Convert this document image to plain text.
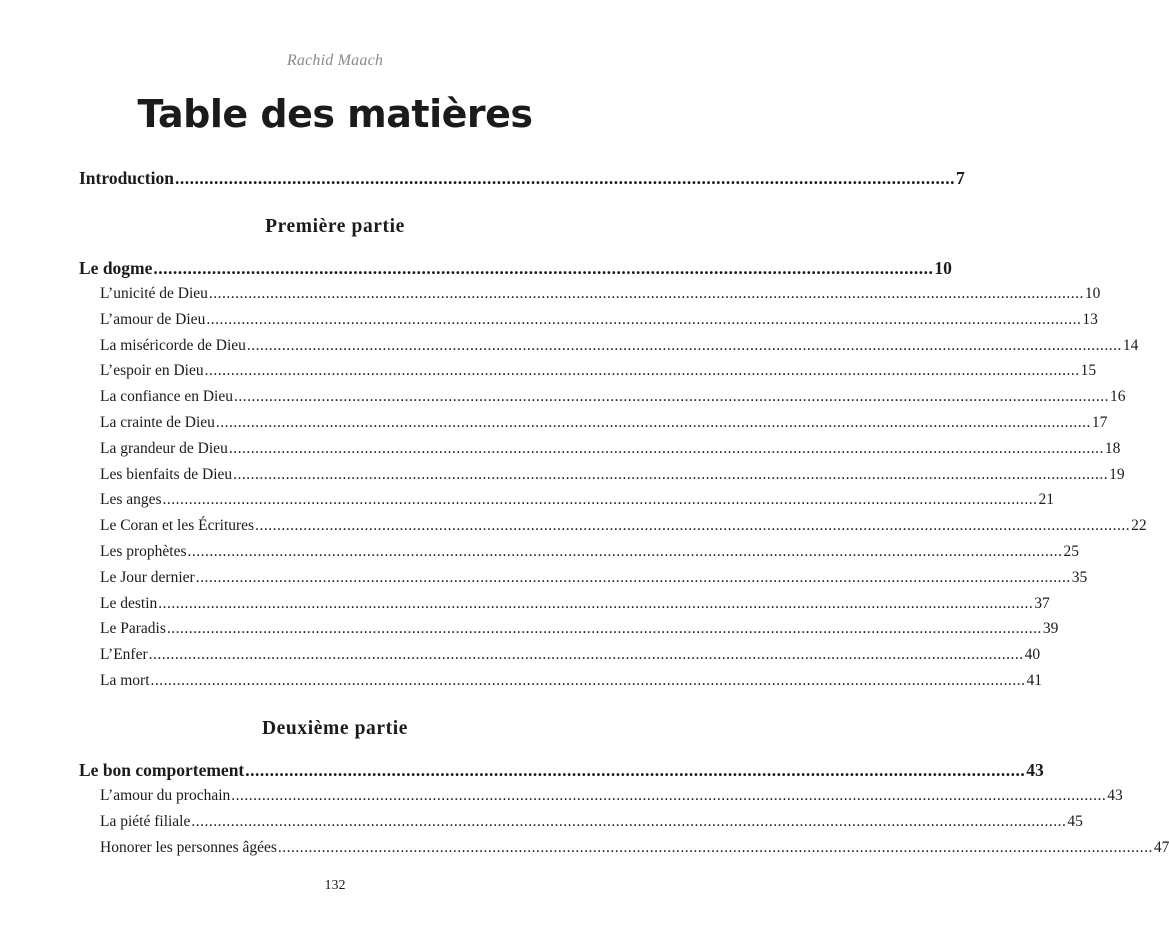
Rachid Maach
Table des matières
Introduction ................................................................................................................................................................ 7
Première partie
Le dogme ................................................................................................................................................................ 10
L’unicité de Dieu ........................................................................................................................................................................................................ 10
L’amour de Dieu ........................................................................................................................................................................................................ 13
La miséricorde de Dieu ........................................................................................................................................................................................................ 14
L’espoir en Dieu ........................................................................................................................................................................................................ 15
La confiance en Dieu ........................................................................................................................................................................................................ 16
La crainte de Dieu ........................................................................................................................................................................................................ 17
La grandeur de Dieu ........................................................................................................................................................................................................ 18
Les bienfaits de Dieu ........................................................................................................................................................................................................ 19
Les anges ........................................................................................................................................................................................................ 21
Le Coran et les Écritures ........................................................................................................................................................................................................ 22
Les prophètes ........................................................................................................................................................................................................ 25
Le Jour dernier ........................................................................................................................................................................................................ 35
Le destin ........................................................................................................................................................................................................ 37
Le Paradis ........................................................................................................................................................................................................ 39
L’Enfer ........................................................................................................................................................................................................ 40
La mort ........................................................................................................................................................................................................ 41
Deuxième partie
Le bon comportement ................................................................................................................................................................ 43
L’amour du prochain ........................................................................................................................................................................................................ 43
La piété filiale ........................................................................................................................................................................................................ 45
Honorer les personnes âgées ........................................................................................................................................................................................................ 47
132
